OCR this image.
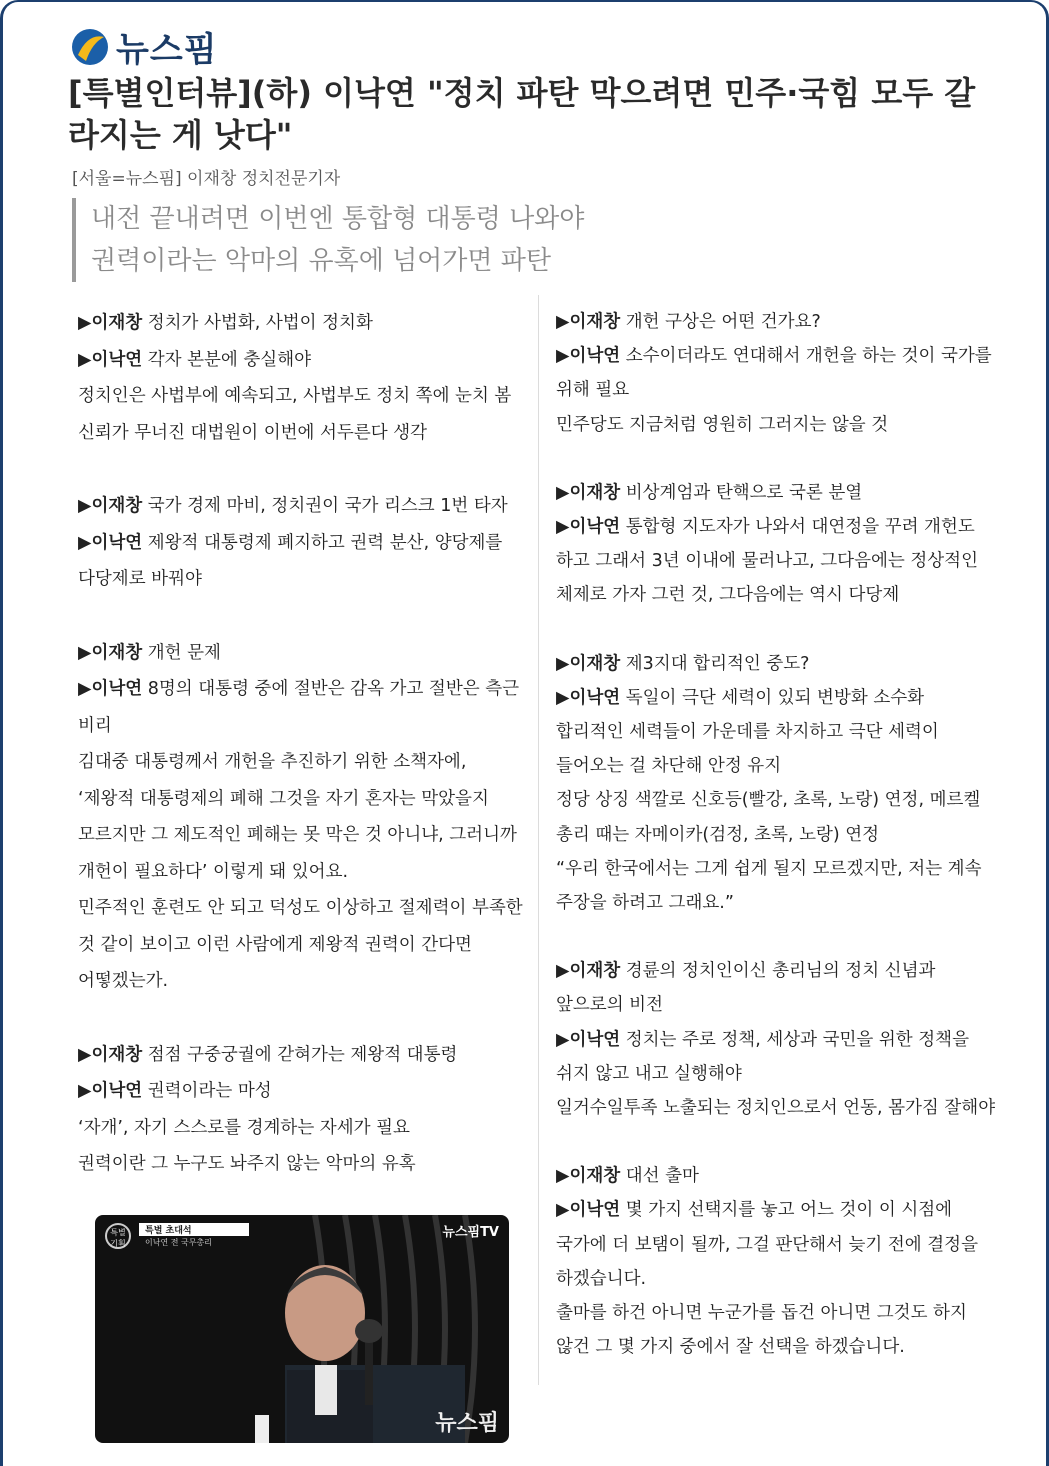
뉴스핌
[특별인터뷰](하) 이낙연 "정치 파탄 막으려면 민주·국힘 모두 갈라지는 게 낫다"
[서울=뉴스핌] 이재창 정치전문기자
내전 끝내려면 이번엔 통합형 대통령 나와야
권력이라는 악마의 유혹에 넘어가면 파탄
▶이재창 정치가 사법화, 사법이 정치화
▶이낙연 각자 본분에 충실해야
정치인은 사법부에 예속되고, 사법부도 정치 쪽에 눈치 봄
신뢰가 무너진 대법원이 이번에 서두른다 생각
▶이재창 국가 경제 마비, 정치권이 국가 리스크 1번 타자
▶이낙연 제왕적 대통령제 폐지하고 권력 분산, 양당제를
다당제로 바꿔야
▶이재창 개헌 문제
▶이낙연 8명의 대통령 중에 절반은 감옥 가고 절반은 측근
비리
김대중 대통령께서 개헌을 추진하기 위한 소책자에,
‘제왕적 대통령제의 폐해 그것을 자기 혼자는 막았을지
모르지만 그 제도적인 폐해는 못 막은 것 아니냐, 그러니까
개헌이 필요하다’ 이렇게 돼 있어요.
민주적인 훈련도 안 되고 덕성도 이상하고 절제력이 부족한
것 같이 보이고 이런 사람에게 제왕적 권력이 간다면
어떻겠는가.
▶이재창 점점 구중궁궐에 갇혀가는 제왕적 대통령
▶이낙연 권력이라는 마성
‘자개’, 자기 스스로를 경계하는 자세가 필요
권력이란 그 누구도 놔주지 않는 악마의 유혹
▶이재창 개헌 구상은 어떤 건가요?
▶이낙연 소수이더라도 연대해서 개헌을 하는 것이 국가를
위해 필요
민주당도 지금처럼 영원히 그러지는 않을 것
▶이재창 비상계엄과 탄핵으로 국론 분열
▶이낙연 통합형 지도자가 나와서 대연정을 꾸려 개헌도
하고 그래서 3년 이내에 물러나고, 그다음에는 정상적인
체제로 가자 그런 것, 그다음에는 역시 다당제
▶이재창 제3지대 합리적인 중도?
▶이낙연 독일이 극단 세력이 있되 변방화 소수화
합리적인 세력들이 가운데를 차지하고 극단 세력이
들어오는 걸 차단해 안정 유지
정당 상징 색깔로 신호등(빨강, 초록, 노랑) 연정, 메르켈
총리 때는 자메이카(검정, 초록, 노랑) 연정
“우리 한국에서는 그게 쉽게 될지 모르겠지만, 저는 계속
주장을 하려고 그래요.”
▶이재창 경륜의 정치인이신 총리님의 정치 신념과
앞으로의 비전
▶이낙연 정치는 주로 정책, 세상과 국민을 위한 정책을
쉬지 않고 내고 실행해야
일거수일투족 노출되는 정치인으로서 언동, 몸가짐 잘해야
▶이재창 대선 출마
▶이낙연 몇 가지 선택지를 놓고 어느 것이 이 시점에
국가에 더 보탬이 될까, 그걸 판단해서 늦기 전에 결정을
하겠습니다.
출마를 하건 아니면 누군가를 돕건 아니면 그것도 하지
않건 그 몇 가지 중에서 잘 선택을 하겠습니다.
특별 기획
특별 초대석
이낙연 전 국무총리
뉴스핌TV
뉴스핌
